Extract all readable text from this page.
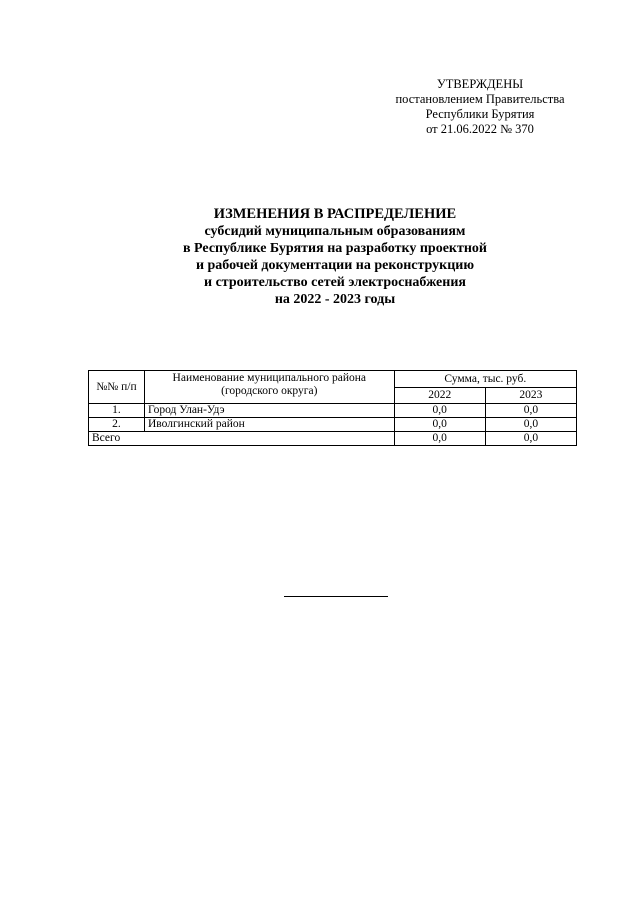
УТВЕРЖДЕНЫ
постановлением Правительства
Республики Бурятия
от 21.06.2022 № 370
ИЗМЕНЕНИЯ В РАСПРЕДЕЛЕНИЕ
субсидий муниципальным образованиям
в Республике Бурятия на разработку проектной
и рабочей документации на реконструкцию
и строительство сетей электроснабжения
на 2022 - 2023 годы
№№ п/п	Наименование муниципального района (городского округа)	Сумма, тыс. руб.	
		2022	2023
1.	Город Улан-Удэ	0,0	0,0
2.	Иволгинский район	0,0	0,0
Всего		0,0	0,0
